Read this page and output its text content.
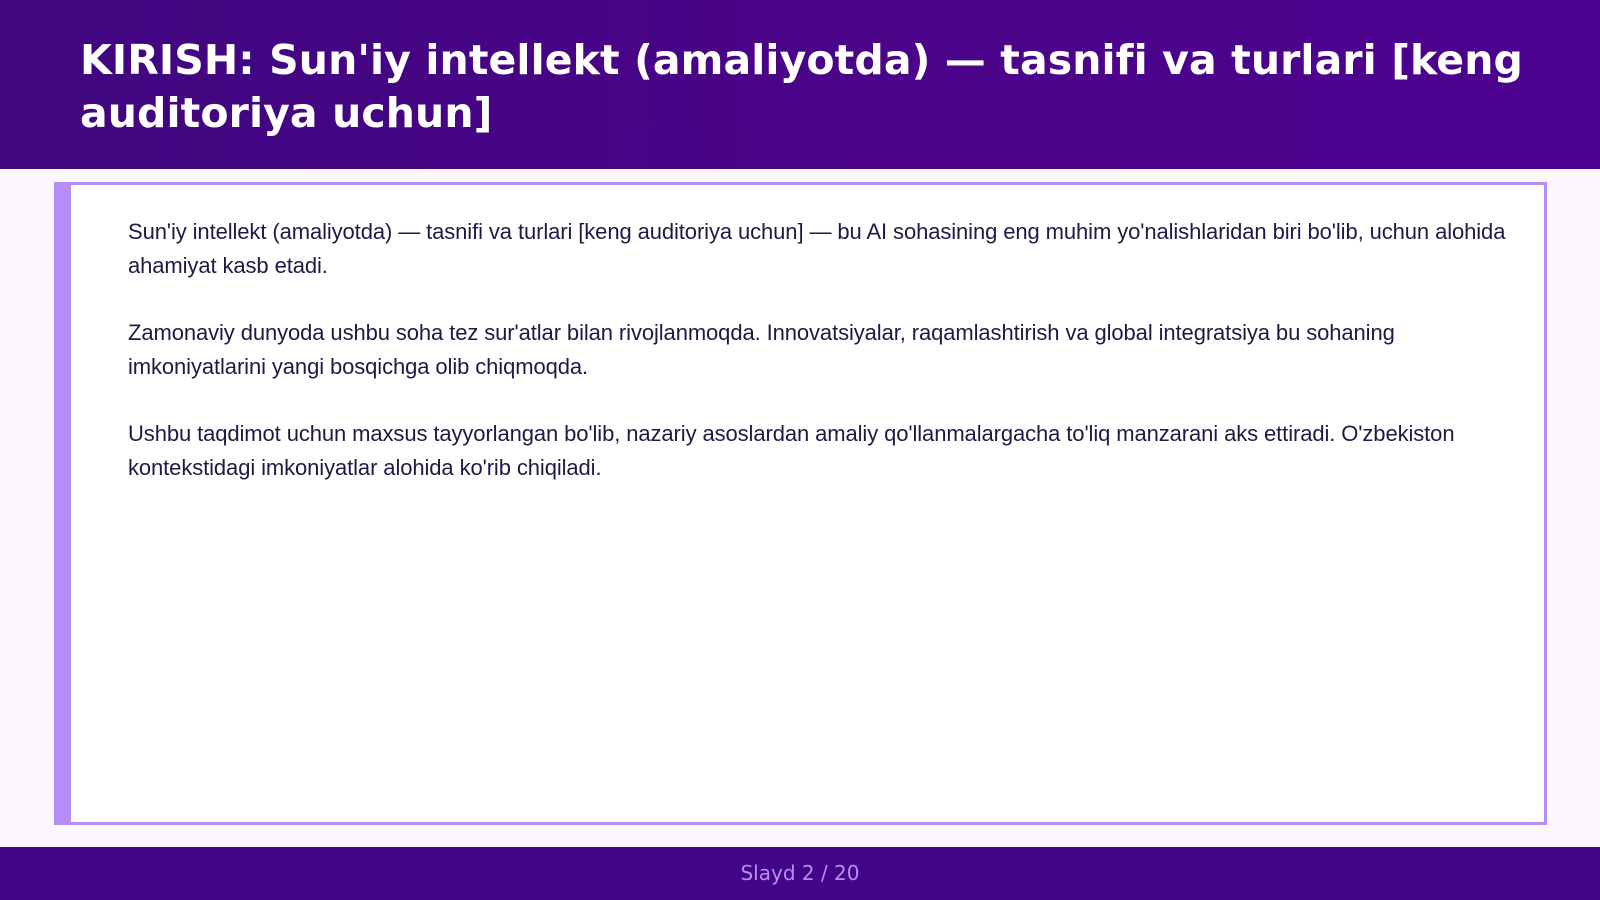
KIRISH: Sun'iy intellekt (amaliyotda) — tasnifi va turlari [keng auditoriya uchun]

Sun'iy intellekt (amaliyotda) — tasnifi va turlari [keng auditoriya uchun] — bu AI sohasining eng muhim yo'nalishlaridan biri bo'lib, uchun alohida ahamiyat kasb etadi.

Zamonaviy dunyoda ushbu soha tez sur'atlar bilan rivojlanmoqda. Innovatsiyalar, raqamlashtirish va global integratsiya bu sohaning imkoniyatlarini yangi bosqichga olib chiqmoqda.

Ushbu taqdimot uchun maxsus tayyorlangan bo'lib, nazariy asoslardan amaliy qo'llanmalargacha to'liq manzarani aks ettiradi. O'zbekiston kontekstidagi imkoniyatlar alohida ko'rib chiqiladi.

Slayd 2 / 20
